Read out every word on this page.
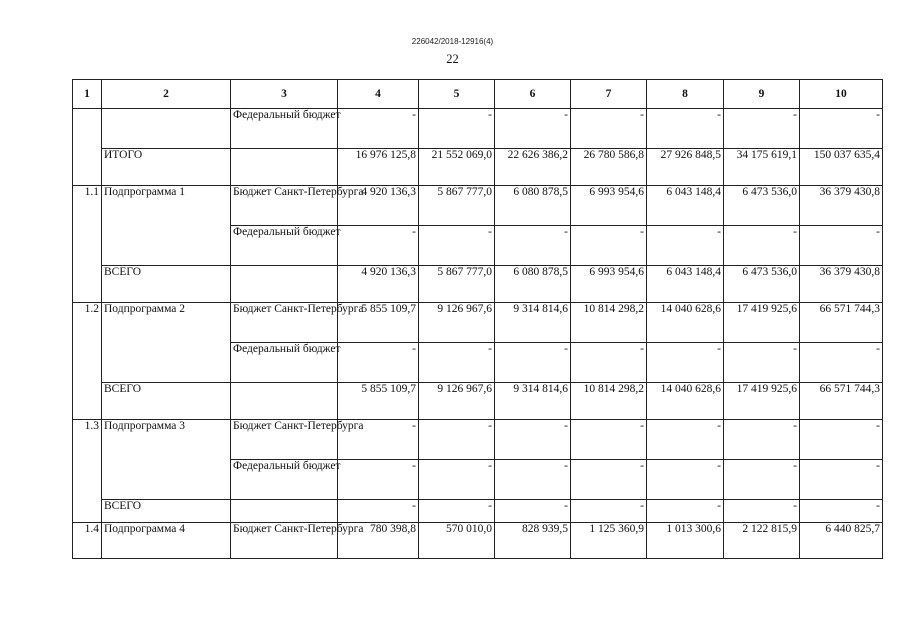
226042/2018-12916(4)
22
1	2	3	4	5	6	7	8	9	10
		Федеральный бюджет	-	-	-	-	-	-	-
	ИТОГО		16 976 125,8	21 552 069,0	22 626 386,2	26 780 586,8	27 926 848,5	34 175 619,1	150 037 635,4
1.1	Подпрограмма 1	Бюджет Санкт-Петербурга	4 920 136,3	5 867 777,0	6 080 878,5	6 993 954,6	6 043 148,4	6 473 536,0	36 379 430,8
		Федеральный бюджет	-	-	-	-	-	-	-
	ВСЕГО		4 920 136,3	5 867 777,0	6 080 878,5	6 993 954,6	6 043 148,4	6 473 536,0	36 379 430,8
1.2	Подпрограмма 2	Бюджет Санкт-Петербурга	5 855 109,7	9 126 967,6	9 314 814,6	10 814 298,2	14 040 628,6	17 419 925,6	66 571 744,3
		Федеральный бюджет	-	-	-	-	-	-	-
	ВСЕГО		5 855 109,7	9 126 967,6	9 314 814,6	10 814 298,2	14 040 628,6	17 419 925,6	66 571 744,3
1.3	Подпрограмма 3	Бюджет Санкт-Петербурга	-	-	-	-	-	-	-
		Федеральный бюджет	-	-	-	-	-	-	-
	ВСЕГО		-	-	-	-	-	-	-
1.4	Подпрограмма 4	Бюджет Санкт-Петербурга	780 398,8	570 010,0	828 939,5	1 125 360,9	1 013 300,6	2 122 815,9	6 440 825,7
